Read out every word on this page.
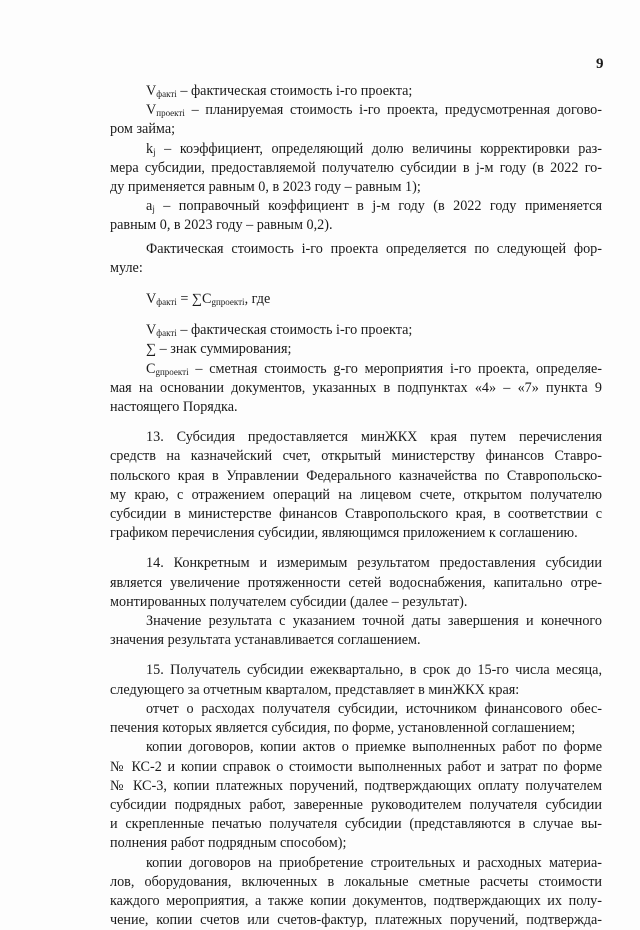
9

$V_{факті}$ – фактическая стоимость i-го проекта;

$V_{проекті}$ – планируемая стоимость i-го проекта, предусмотренная догово-
ром займа;

$k_j$ – коэффициент, определяющий долю величины корректировки раз-
мера субсидии, предоставляемой получателю субсидии в j-м году (в 2022 го-
ду применяется равным 0, в 2023 году – равным 1);

$a_j$ – поправочный коэффициент в j-м году (в 2022 году применяется
равным 0, в 2023 году – равным 0,2).

Фактическая стоимость i-го проекта определяется по следующей фор-
муле:

$V_{факті} = \sum C_{gпроекті}$, где

$V_{факті}$ – фактическая стоимость i-го проекта;

∑ – знак суммирования;

$C_{gпроекті}$ – сметная стоимость g-го мероприятия i-го проекта, определяе-
мая на основании документов, указанных в подпунктах «4» – «7» пункта 9
настоящего Порядка.

13. Субсидия предоставляется минЖКХ края путем перечисления
средств на казначейский счет, открытый министерству финансов Ставро-
польского края в Управлении Федерального казначейства по Ставропольско-
му краю, с отражением операций на лицевом счете, открытом получателю
субсидии в министерстве финансов Ставропольского края, в соответствии с
графиком перечисления субсидии, являющимся приложением к соглашению.

14. Конкретным и измеримым результатом предоставления субсидии
является увеличение протяженности сетей водоснабжения, капитально отре-
монтированных получателем субсидии (далее – результат).

Значение результата с указанием точной даты завершения и конечного
значения результата устанавливается соглашением.

15. Получатель субсидии ежеквартально, в срок до 15-го числа месяца,
следующего за отчетным кварталом, представляет в минЖКХ края:

отчет о расходах получателя субсидии, источником финансового обес-
печения которых является субсидия, по форме, установленной соглашением;

копии договоров, копии актов о приемке выполненных работ по форме
№ КС-2 и копии справок о стоимости выполненных работ и затрат по форме
№ КС-3, копии платежных поручений, подтверждающих оплату получателем
субсидии подрядных работ, заверенные руководителем получателя субсидии
и скрепленные печатью получателя субсидии (представляются в случае вы-
полнения работ подрядным способом);

копии договоров на приобретение строительных и расходных материа-
лов, оборудования, включенных в локальные сметные расчеты стоимости
каждого мероприятия, а также копии документов, подтверждающих их полу-
чение, копии счетов или счетов-фактур, платежных поручений, подтвержда-
